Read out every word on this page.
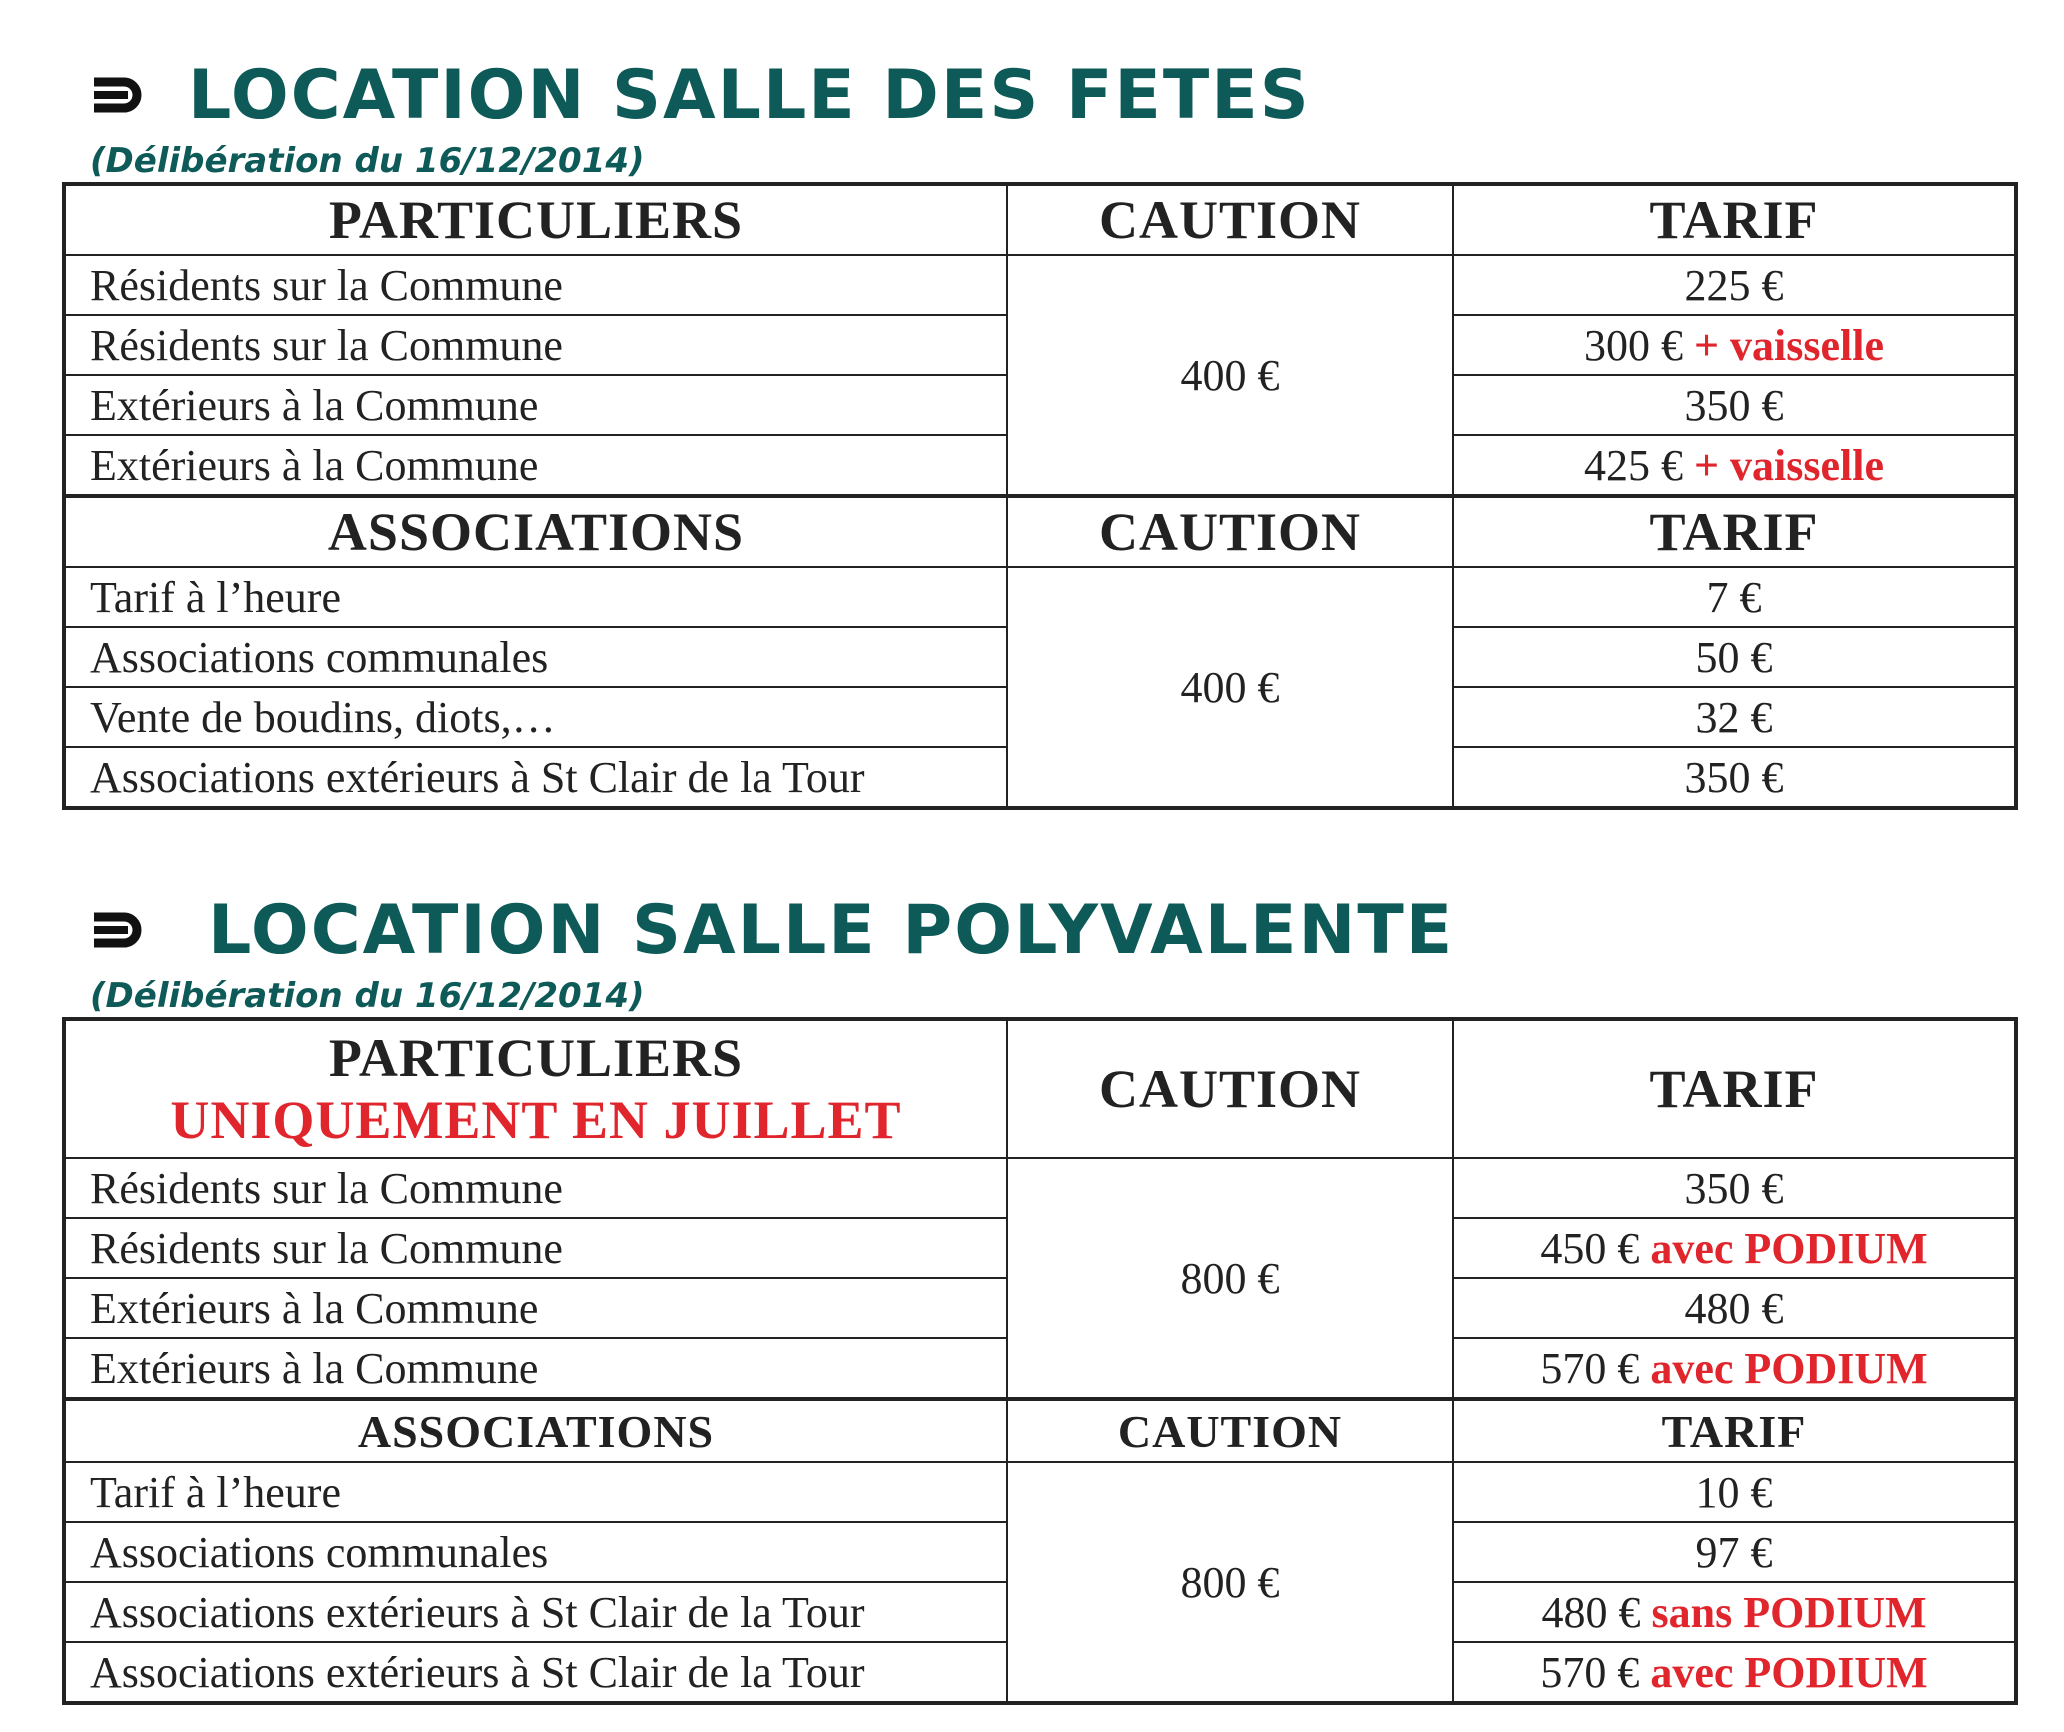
LOCATION SALLE DES FETES
(Délibération du 16/12/2014)
PARTICULIERS	CAUTION	TARIF
Résidents sur la Commune	400 €	225 €
Résidents sur la Commune		300 € + vaisselle
Extérieurs à la Commune		350 €
Extérieurs à la Commune		425 € + vaisselle
ASSOCIATIONS	CAUTION	TARIF
Tarif à l’heure	400 €	7 €
Associations communales		50 €
Vente de boudins, diots,…		32 €
Associations extérieurs à St Clair de la Tour		350 €
LOCATION SALLE POLYVALENTE
(Délibération du 16/12/2014)
PARTICULIERS
UNIQUEMENT EN JUILLET	CAUTION	TARIF
Résidents sur la Commune	800 €	350 €
Résidents sur la Commune		450 € avec PODIUM
Extérieurs à la Commune		480 €
Extérieurs à la Commune		570 € avec PODIUM
ASSOCIATIONS	CAUTION	TARIF
Tarif à l’heure	800 €	10 €
Associations communales		97 €
Associations extérieurs à St Clair de la Tour		480 € sans PODIUM
Associations extérieurs à St Clair de la Tour		570 € avec PODIUM
